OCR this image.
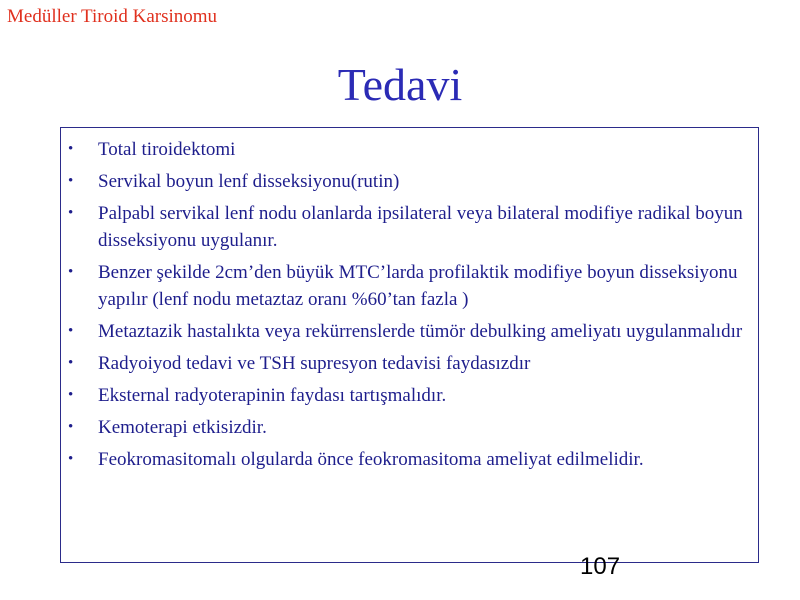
Medüller Tiroid Karsinomu
Tedavi
•	Total tiroidektomi
•	Servikal boyun lenf disseksiyonu(rutin)
•	Palpabl servikal lenf nodu olanlarda ipsilateral veya bilateral modifiye radikal boyun disseksiyonu uygulanır.
•	Benzer şekilde 2cm’den büyük MTC’larda profilaktik modifiye boyun disseksiyonu yapılır (lenf nodu metaztaz oranı %60’tan fazla )
•	Metaztazik hastalıkta veya rekürrenslerde tümör debulking ameliyatı uygulanmalıdır
•	Radyoiyod tedavi ve TSH supresyon tedavisi faydasızdır
•	Eksternal radyoterapinin faydası tartışmalıdır.
•	Kemoterapi etkisizdir.
•	Feokromasitomalı olgularda önce feokromasitoma ameliyat edilmelidir.
107
